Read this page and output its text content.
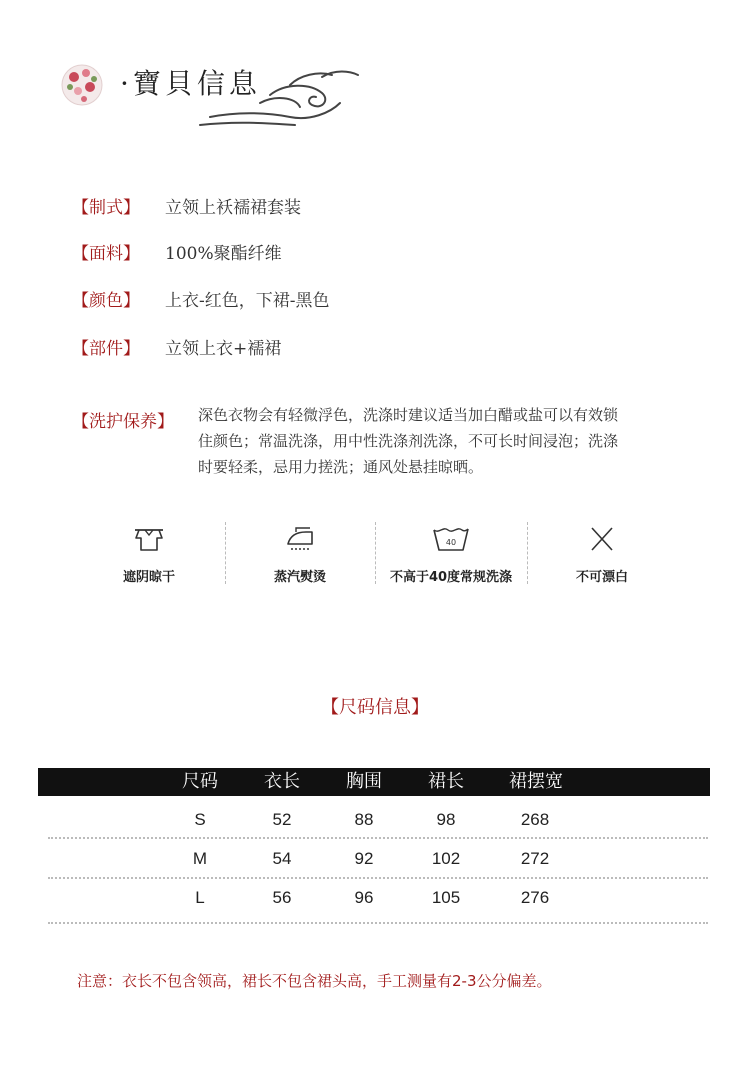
·寶貝信息
【制式】 立领上袄襦裙套装
【面料】 100%聚酯纤维
【颜色】 上衣-红色，下裙-黑色
【部件】 立领上衣+襦裙
【洗护保养】 深色衣物会有轻微浮色，洗涤时建议适当加白醋或盐可以有效锁
住颜色；常温洗涤，用中性洗涤剂洗涤，不可长时间浸泡；洗涤
时要轻柔，忌用力搓洗；通风处悬挂晾晒。
遮阴晾干	蒸汽熨烫
40
不高于40度常规洗涤	不可漂白
【尺码信息】
尺码	衣长	胸围	裙长	裙摆宽
S	52	88	98	268
M	54	92	102	272
L	56	96	105	276
注意：衣长不包含领高，裙长不包含裙头高，手工测量有2-3公分偏差。
